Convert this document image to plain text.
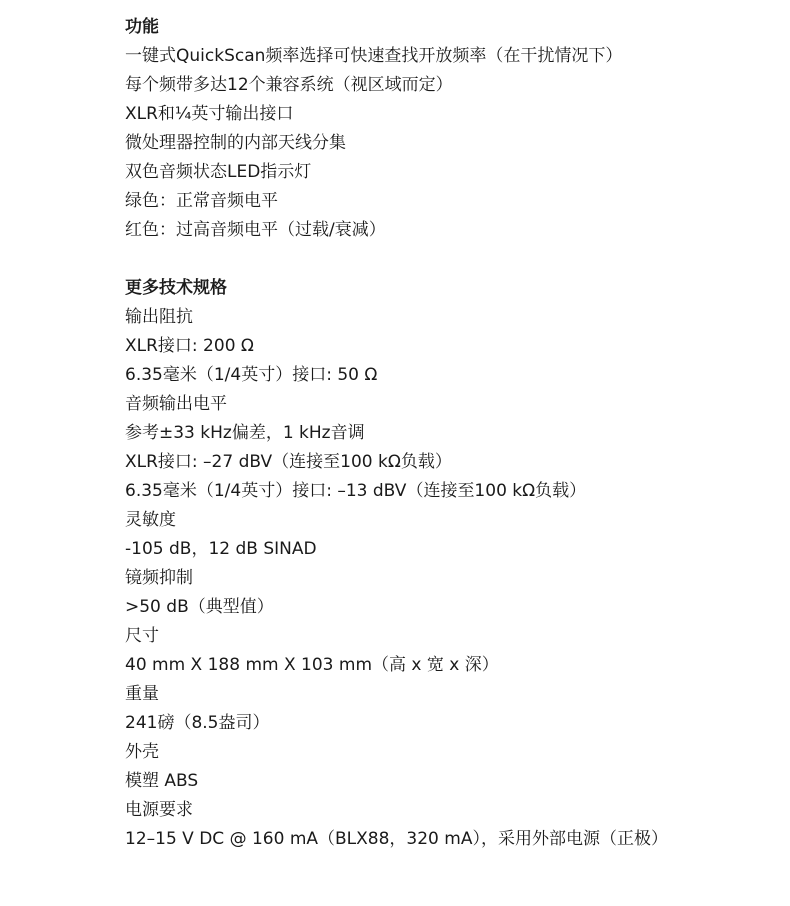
功能
一键式QuickScan频率选择可快速查找开放频率（在干扰情况下）
每个频带多达12个兼容系统（视区域而定）
XLR和¼英寸输出接口
微处理器控制的内部天线分集
双色音频状态LED指示灯
绿色：正常音频电平
红色：过高音频电平（过载/衰减）
更多技术规格
输出阻抗
XLR接口: 200 Ω
6.35毫米（1/4英寸）接口: 50 Ω
音频输出电平
参考±33 kHz偏差，1 kHz音调
XLR接口: –27 dBV（连接至100 kΩ负载）
6.35毫米（1/4英寸）接口: –13 dBV（连接至100 kΩ负载）
灵敏度
-105 dB，12 dB SINAD
镜频抑制
>50 dB（典型值）
尺寸
40 mm X 188 mm X 103 mm（高 x 宽 x 深）
重量
241磅（8.5盎司）
外壳
模塑 ABS
电源要求
12–15 V DC @ 160 mA（BLX88，320 mA），采用外部电源（正极）
